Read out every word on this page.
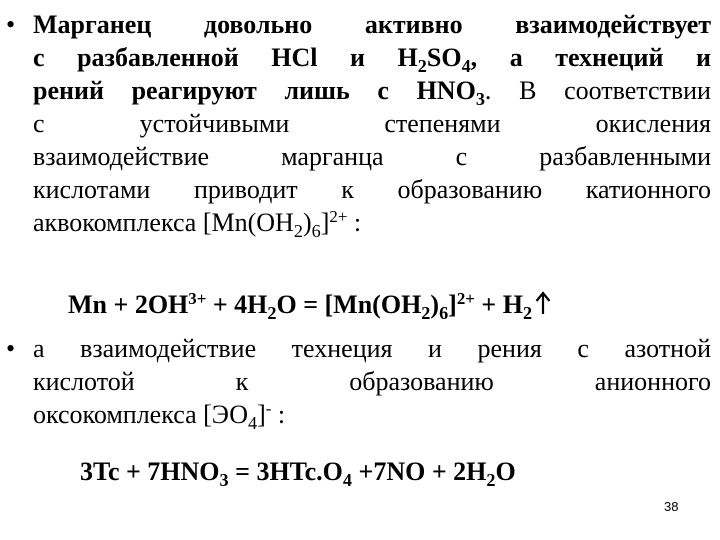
• Марганец довольно активно взаимодействует
с разбавленной HCl и $H_2SO_4$, а технеций и
рений реагируют лишь с $HNO_3$. В соответствии
с устойчивыми степенями окисления
взаимодействие марганца с разбавленными
кислотами приводит к образованию катионного
аквокомплекса $[Mn(OH_2)_6]^{2+}$ :
$Mn + 2OH^{3+} + 4H_2O = [Mn(OH_2)_6]^{2+} + H_2$
• а взаимодействие технеция и рения с азотной
кислотой к образованию анионного
оксокомплекса $[ЭО_4]^-$ :
$3Tc + 7HNO_3 = 3HTc.O_4 +7NO + 2H_2O$
38
